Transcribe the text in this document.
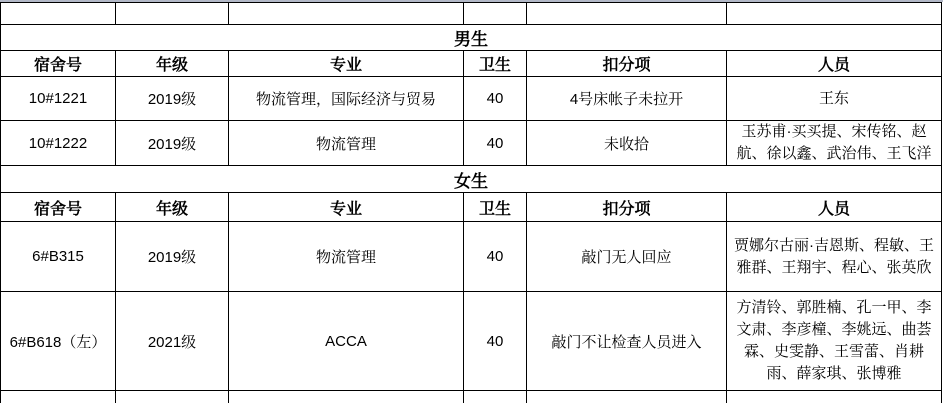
男生					
宿舍号	年级	专业	卫生	扣分项	人员
10#1221	2019级	物流管理，国际经济与贸易	40	4号床帐子未拉开	王东
10#1222	2019级	物流管理	40	未收拾	玉苏甫·买买提、宋传铭、赵航、徐以鑫、武治伟、王飞洋
女生					
宿舍号	年级	专业	卫生	扣分项	人员
6#B315	2019级	物流管理	40	敲门无人回应	贾娜尔古丽·吉恩斯、程敏、王雅群、王翔宇、程心、张英欣
6#B618（左）	2021级	ACCA	40	敲门不让检查人员进入	方清铃、郭胜楠、孔一甲、李文肃、李彦橦、李姚远、曲荟霖、史雯静、王雪蕾、肖耕雨、薛家琪、张博雅
